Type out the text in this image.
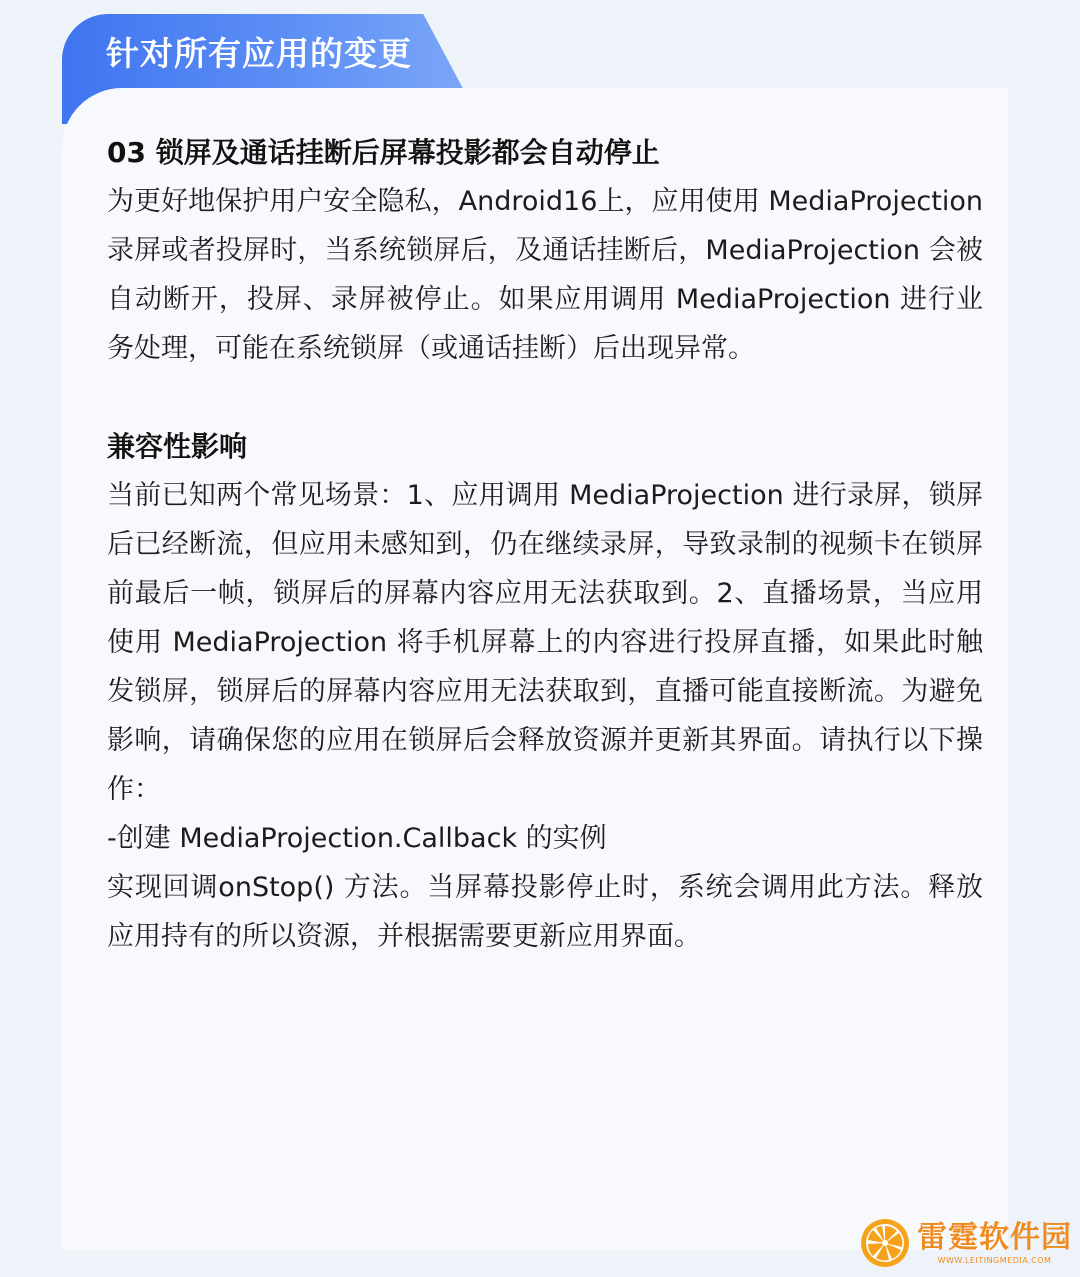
针对所有应用的变更
03 锁屏及通话挂断后屏幕投影都会自动停止

为更好地保护用户安全隐私，Android16上，应用使用 MediaProjection 录屏或者投屏时，当系统锁屏后，及通话挂断后，MediaProjection 会被自动断开，投屏、录屏被停止。如果应用调用 MediaProjection 进行业务处理，可能在系统锁屏（或通话挂断）后出现异常。

兼容性影响

当前已知两个常见场景：1、应用调用 MediaProjection 进行录屏，锁屏后已经断流，但应用未感知到，仍在继续录屏，导致录制的视频卡在锁屏前最后一帧，锁屏后的屏幕内容应用无法获取到。2、直播场景，当应用使用 MediaProjection 将手机屏幕上的内容进行投屏直播，如果此时触发锁屏，锁屏后的屏幕内容应用无法获取到，直播可能直接断流。为避免影响，请确保您的应用在锁屏后会释放资源并更新其界面。请执行以下操作：

-创建 MediaProjection.Callback 的实例

实现回调onStop() 方法。当屏幕投影停止时，系统会调用此方法。释放应用持有的所以资源，并根据需要更新应用界面。

雷霆软件园
WWW.LEITINGMEDIA.COM
